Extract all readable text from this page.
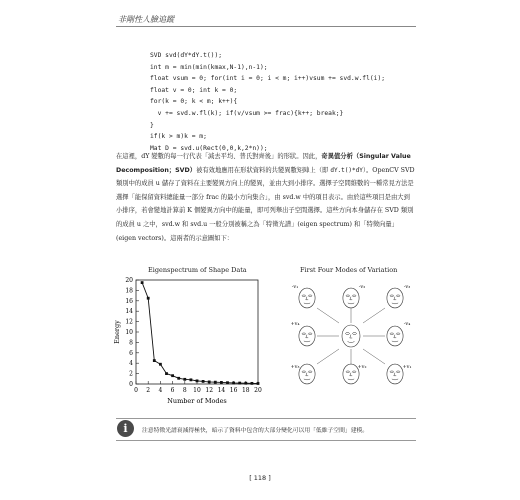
非剛性人臉追蹤
SVD svd(dY*dY.t());
int m = min(min(kmax,N-1),n-1);
float vsum = 0; for(int i = 0; i < m; i++)vsum += svd.w.fl(i);
float v = 0; int k = 0;
for(k = 0; k < m; k++){
v += svd.w.fl(k); if(v/vsum >= frac){k++; break;}
}
if(k > m)k = m;
Mat D = svd.u(Rect(0,0,k,2*n));
在這裡，dY 變數的每一行代表「減去平均、普氏對齊後」的形狀。因此，奇異值分析（Singular Value Decomposition；SVD）被有效地應用在形狀資料的共變異數矩陣上（即 dY.t()*dY）。OpenCV SVD 類別中的成員 u 儲存了資料在主要變異方向上的變異，並由大到小排序。選擇子空間維數的一種常見方法是選擇「能保留資料總能量一部分 frac 的最小方向集合」，由 svd.w 中的項目表示。由於這些項目是由大到小排序，若會變地計算前 K 個變異方向中的能量，即可列舉出子空間選擇。這些方向本身儲存在 SVD 類別的成員 u 之中，svd.w 和 svd.u 一般分別被稱之為「特徵光譜」(eigen spectrum) 和「特徵向量」(eigen vectors)。這兩者的示意圖如下：
Eigenspectrum of Shape Data
0 2 4 6 8 10 12 14 16 18 20
0
2
4
6
8
10
12
14
16
18
20
Number of Modes
Energy
First Four Modes of Variation
-v₁
+v₁
-v₂
+v₂
-v₃
+v₃
-v₄
+v₄
i	注意特徵光譜衰減得極快，暗示了資料中包含的大部分變化可以用「低維子空間」建模。
[ 118 ]
